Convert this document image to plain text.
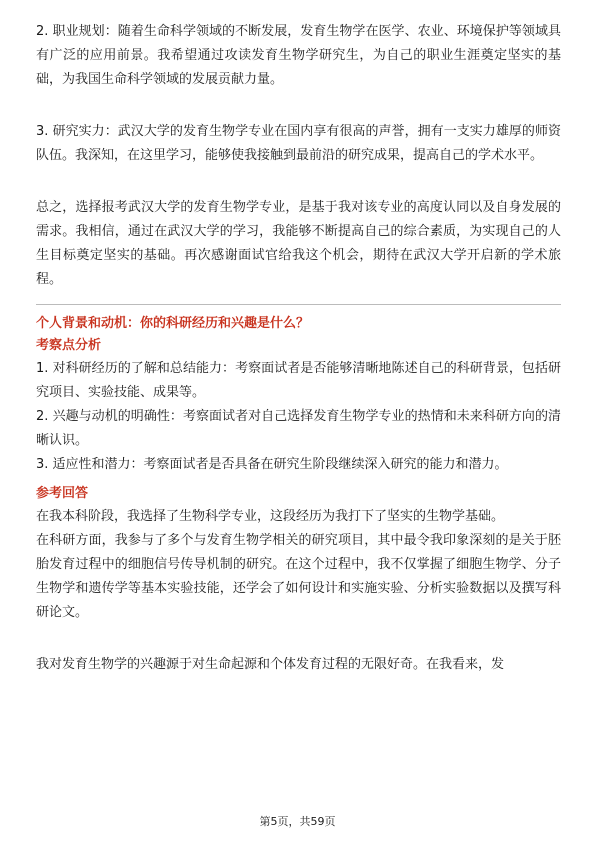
2. 职业规划：随着生命科学领域的不断发展，发育生物学在医学、农业、环境保护等领域具有广泛的应用前景。我希望通过攻读发育生物学研究生，为自己的职业生涯奠定坚实的基础，为我国生命科学领域的发展贡献力量。

3. 研究实力：武汉大学的发育生物学专业在国内享有很高的声誉，拥有一支实力雄厚的师资队伍。我深知，在这里学习，能够使我接触到最前沿的研究成果，提高自己的学术水平。

总之，选择报考武汉大学的发育生物学专业，是基于我对该专业的高度认同以及自身发展的需求。我相信，通过在武汉大学的学习，我能够不断提高自己的综合素质，为实现自己的人生目标奠定坚实的基础。再次感谢面试官给我这个机会，期待在武汉大学开启新的学术旅程。

个人背景和动机：你的科研经历和兴趣是什么？

考察点分析

1. 对科研经历的了解和总结能力：考察面试者是否能够清晰地陈述自己的科研背景，包括研究项目、实验技能、成果等。

2. 兴趣与动机的明确性：考察面试者对自己选择发育生物学专业的热情和未来科研方向的清晰认识。

3. 适应性和潜力：考察面试者是否具备在研究生阶段继续深入研究的能力和潜力。

参考回答

在我本科阶段，我选择了生物科学专业，这段经历为我打下了坚实的生物学基础。

在科研方面，我参与了多个与发育生物学相关的研究项目，其中最令我印象深刻的是关于胚胎发育过程中的细胞信号传导机制的研究。在这个过程中，我不仅掌握了细胞生物学、分子生物学和遗传学等基本实验技能，还学会了如何设计和实施实验、分析实验数据以及撰写科研论文。

我对发育生物学的兴趣源于对生命起源和个体发育过程的无限好奇。在我看来，发

第5页，共59页
